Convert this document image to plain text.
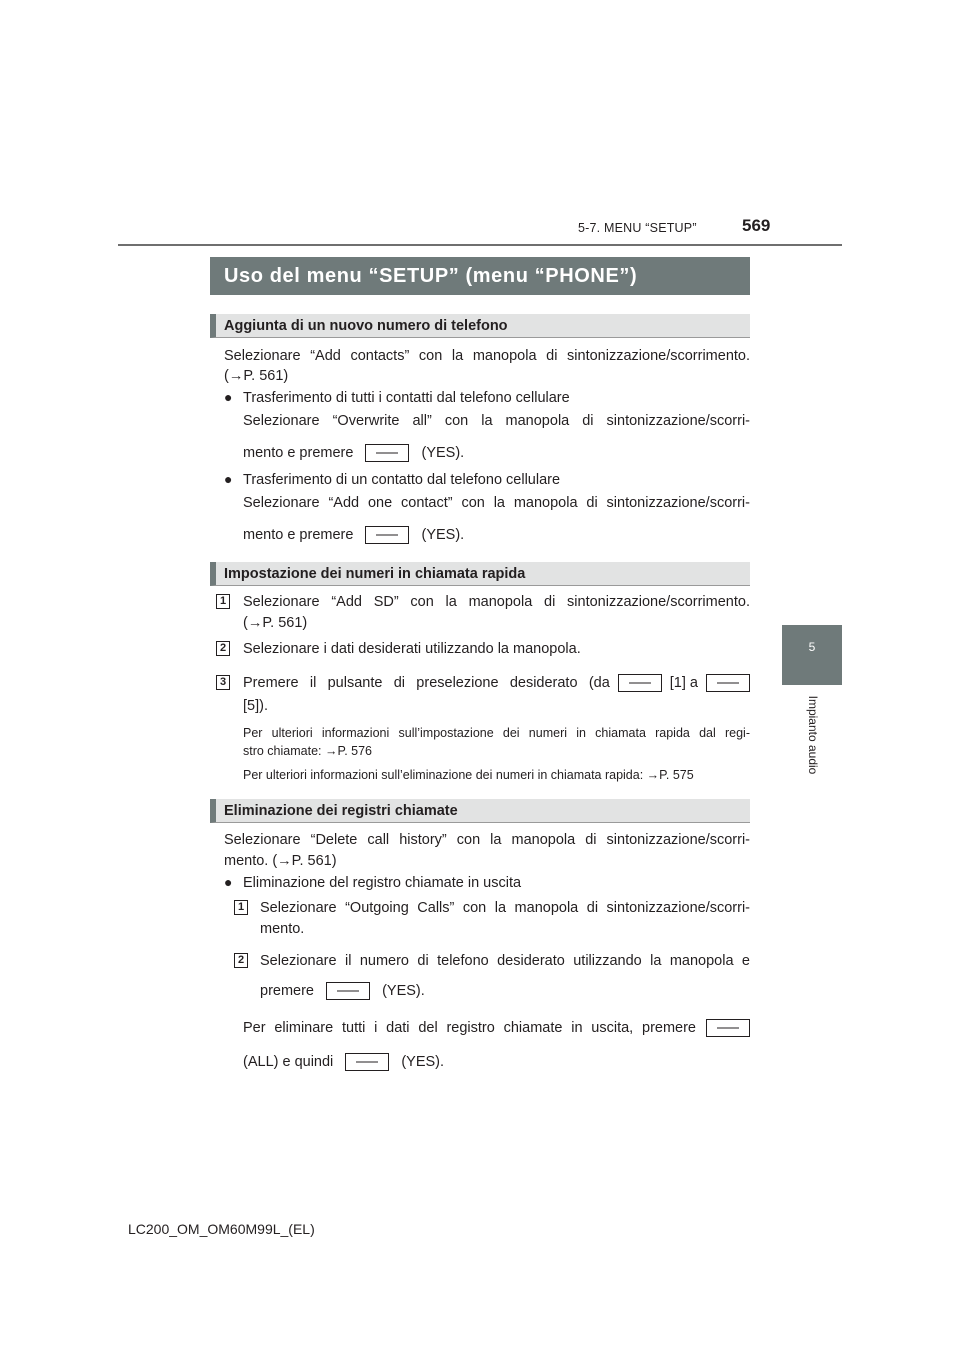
5-7. MENU “SETUP”	569
5
Impianto audio
Uso del menu “SETUP” (menu “PHONE”)
Aggiunta di un nuovo numero di telefono
Selezionare “Add contacts” con la manopola di sintonizzazione/scorrimento.
(→P. 561)
● Trasferimento di tutti i contatti dal telefono cellulare
Selezionare “Overwrite all” con la manopola di sintonizzazione/scorri-
mento e premere	(YES).
● Trasferimento di un contatto dal telefono cellulare
Selezionare “Add one contact” con la manopola di sintonizzazione/scorri-
mento e premere	(YES).
Impostazione dei numeri in chiamata rapida
1 Selezionare “Add SD” con la manopola di sintonizzazione/scorrimento.
(→P. 561)
2 Selezionare i dati desiderati utilizzando la manopola.
3 Premere il pulsante di preselezione desiderato (da	[1] a
[5]).
Per ulteriori informazioni sull’impostazione dei numeri in chiamata rapida dal regi-
stro chiamate: →P. 576
Per ulteriori informazioni sull’eliminazione dei numeri in chiamata rapida: →P. 575
Eliminazione dei registri chiamate
Selezionare “Delete call history” con la manopola di sintonizzazione/scorri-
mento. (→P. 561)
● Eliminazione del registro chiamate in uscita
1 Selezionare “Outgoing Calls” con la manopola di sintonizzazione/scorri-
mento.
2 Selezionare il numero di telefono desiderato utilizzando la manopola e
premere	(YES).
Per eliminare tutti i dati del registro chiamate in uscita, premere
(ALL) e quindi	(YES).
LC200_OM_OM60M99L_(EL)
